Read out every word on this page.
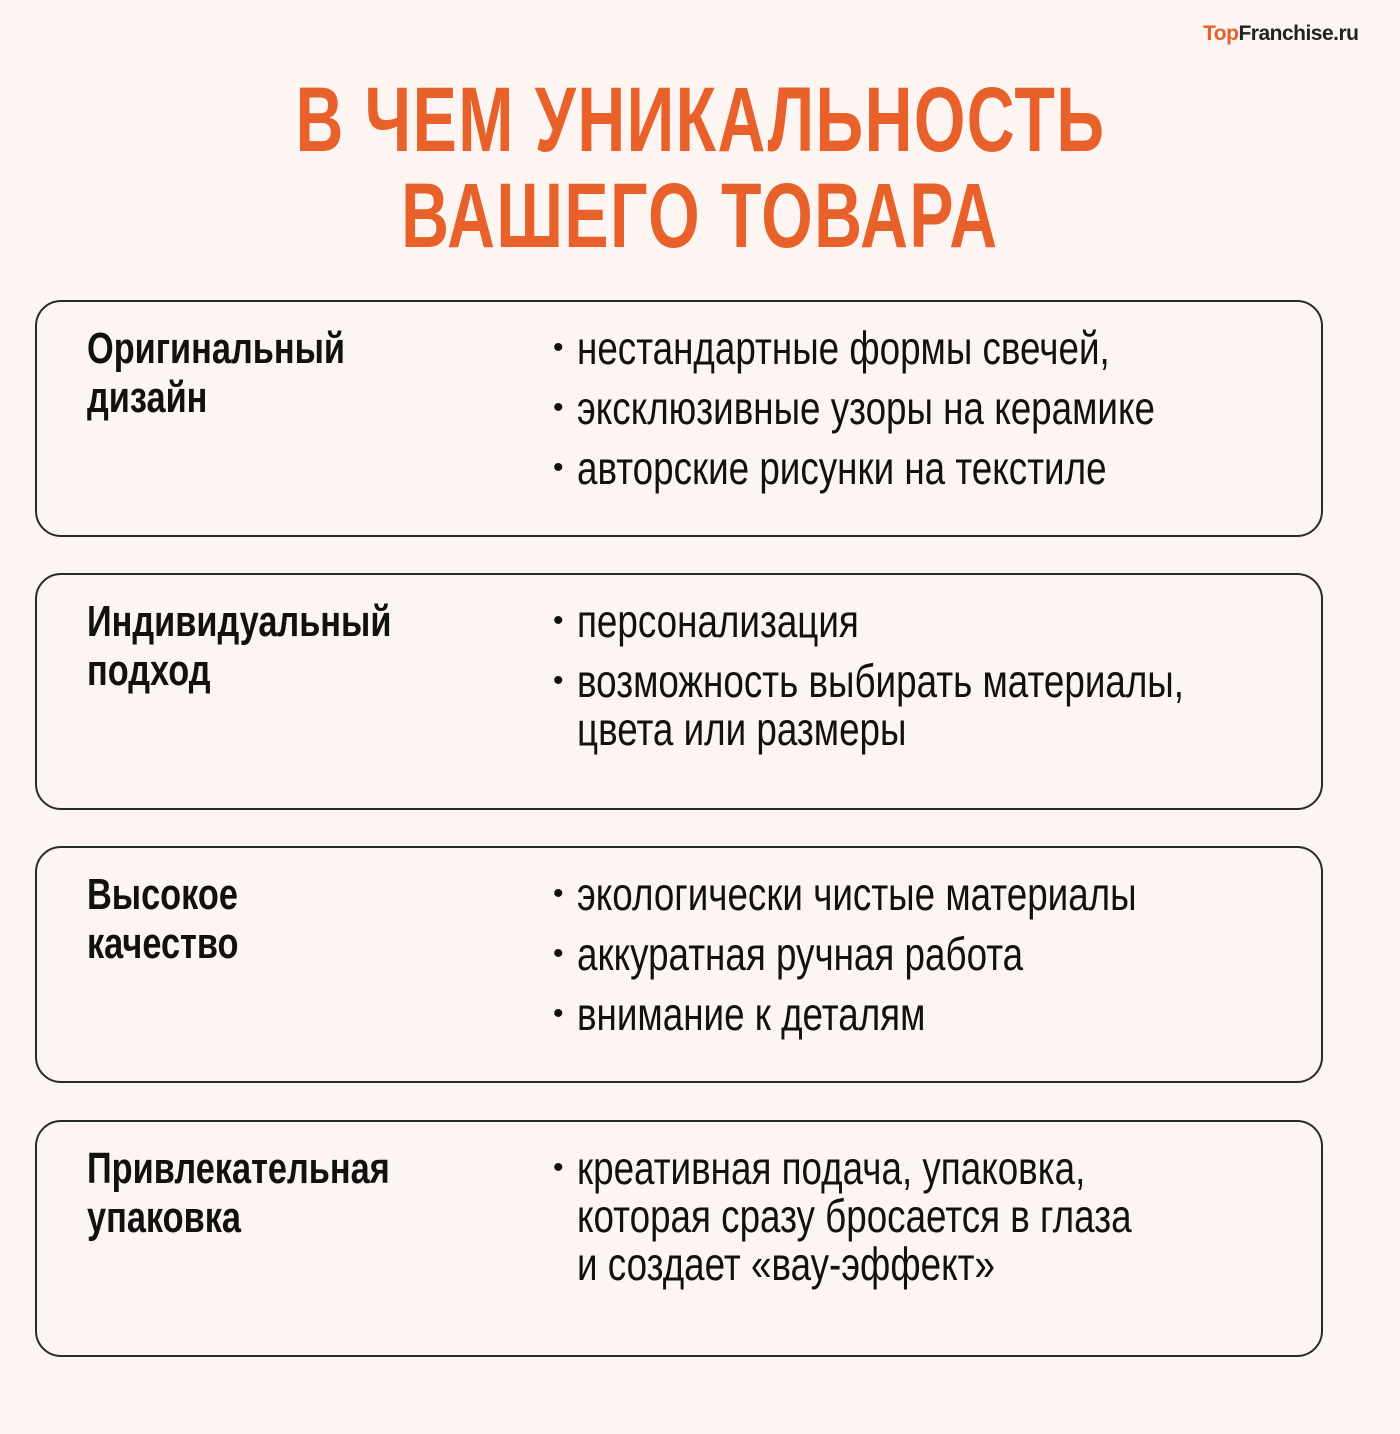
TopFranchise.ru
В ЧЕМ УНИКАЛЬНОСТЬ
ВАШЕГО ТОВАРА
Оригинальный
дизайн

• нестандартные формы свечей,
• эксклюзивные узоры на керамике
• авторские рисунки на текстиле
Индивидуальный
подход

• персонализация
• возможность выбирать материалы,
цвета или размеры
Высокое
качество

• экологически чистые материалы
• аккуратная ручная работа
• внимание к деталям
Привлекательная
упаковка

• креативная подача, упаковка,
которая сразу бросается в глаза
и создает «вау-эффект»
